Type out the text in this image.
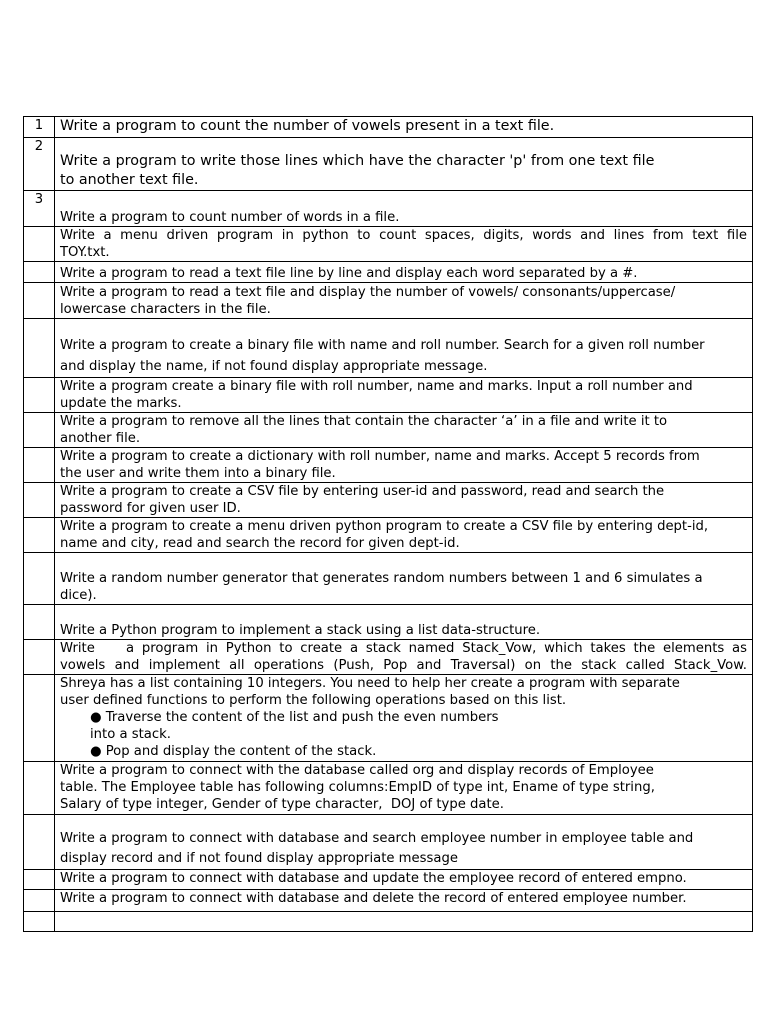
1	Write a program to count the number of vowels present in a text file.

2	Write a program to write those lines which have the character 'p' from one text file
to another text file.

3	Write a program to count number of words in a file.

	Write a menu driven program in python to count spaces, digits, words and lines from text file
TOY.txt.

	Write a program to read a text file line by line and display each word separated by a #.

	Write a program to read a text file and display the number of vowels/ consonants/uppercase/
lowercase characters in the file.

	Write a program to create a binary file with name and roll number. Search for a given roll number
and display the name, if not found display appropriate message.

	Write a program create a binary file with roll number, name and marks. Input a roll number and
update the marks.

	Write a program to remove all the lines that contain the character ‘a’ in a file and write it to
another file.

	Write a program to create a dictionary with roll number, name and marks. Accept 5 records from
the user and write them into a binary file.

	Write a program to create a CSV file by entering user-id and password, read and search the
password for given user ID.

	Write a program to create a menu driven python program to create a CSV file by entering dept-id,
name and city, read and search the record for given dept-id.

	Write a random number generator that generates random numbers between 1 and 6 simulates a
dice).

	Write a Python program to implement a stack using a list data-structure.

	Write    a program in Python to create a stack named Stack_Vow, which takes the elements as
vowels and implement all operations (Push, Pop and Traversal) on the stack called Stack_Vow.

	Shreya has a list containing 10 integers. You need to help her create a program with separate
user defined functions to perform the following operations based on this list.
● Traverse the content of the list and push the even numbers
into a stack.
● Pop and display the content of the stack.

	Write a program to connect with the database called org and display records of Employee
table. The Employee table has following columns:EmpID of type int, Ename of type string,
Salary of type integer, Gender of type character,  DOJ of type date.

	Write a program to connect with database and search employee number in employee table and
display record and if not found display appropriate message

	Write a program to connect with database and update the employee record of entered empno.

	Write a program to connect with database and delete the record of entered employee number.
